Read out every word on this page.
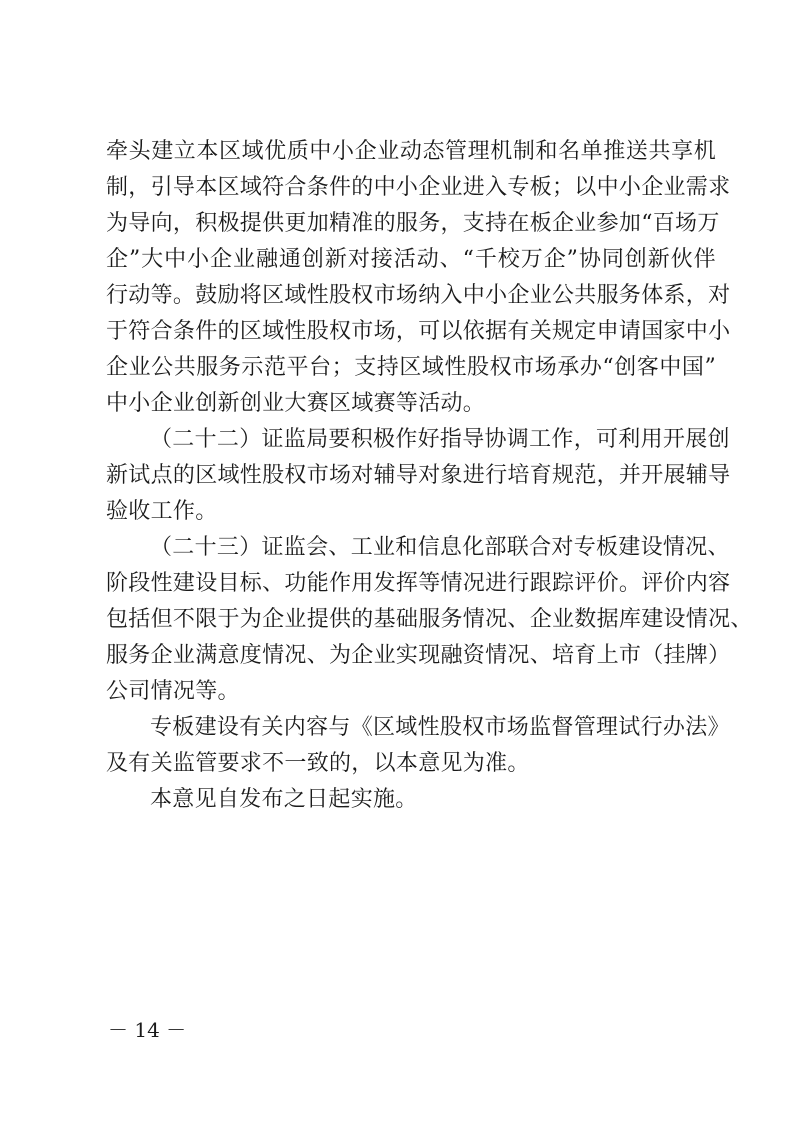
牵头建立本区域优质中小企业动态管理机制和名单推送共享机
制，引导本区域符合条件的中小企业进入专板；以中小企业需求
为导向，积极提供更加精准的服务，支持在板企业参加“百场万
企”大中小企业融通创新对接活动、“千校万企”协同创新伙伴
行动等。鼓励将区域性股权市场纳入中小企业公共服务体系，对
于符合条件的区域性股权市场，可以依据有关规定申请国家中小
企业公共服务示范平台；支持区域性股权市场承办“创客中国”
中小企业创新创业大赛区域赛等活动。
（二十二）证监局要积极作好指导协调工作，可利用开展创
新试点的区域性股权市场对辅导对象进行培育规范，并开展辅导
验收工作。
（二十三）证监会、工业和信息化部联合对专板建设情况、
阶段性建设目标、功能作用发挥等情况进行跟踪评价。评价内容
包括但不限于为企业提供的基础服务情况、企业数据库建设情况、
服务企业满意度情况、为企业实现融资情况、培育上市（挂牌）
公司情况等。
专板建设有关内容与《区域性股权市场监督管理试行办法》
及有关监管要求不一致的，以本意见为准。
本意见自发布之日起实施。
－ 14 －
